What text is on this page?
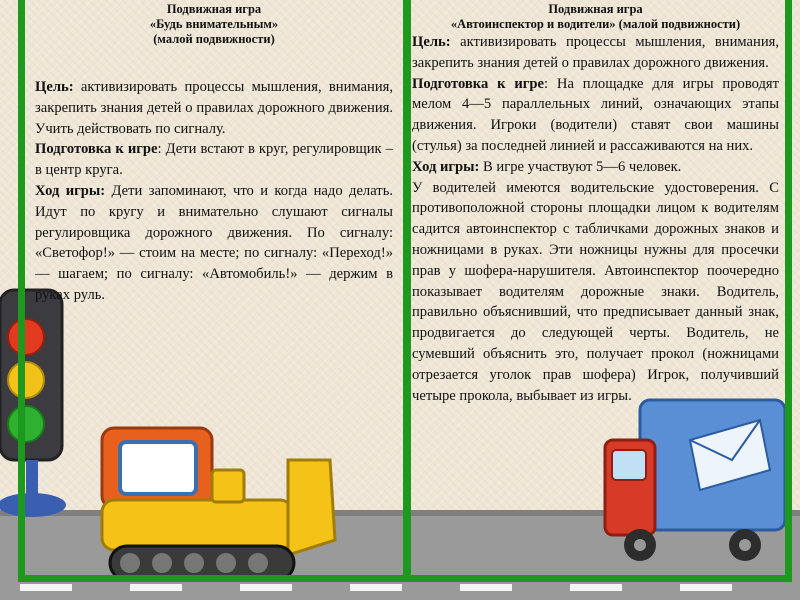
Подвижная игра
«Будь внимательным»
(малой подвижности)

Цель: активизировать процессы мышления, внимания, закрепить знания детей о правилах дорожного движения. Учить действовать по сигналу.

Подготовка к игре: Дети встают в круг, регулировщик – в центр круга.

Ход игры: Дети запоминают, что и когда надо делать. Идут по кругу и внимательно слушают сигналы регулировщика дорожного движения. По сигналу: «Светофор!» — стоим на месте; по сигналу: «Переход!» — шагаем; по сигналу: «Автомобиль!» — держим в руках руль.

Подвижная игра
«Автоинспектор и водители» (малой подвижности)

Цель: активизировать процессы мышления, внимания, закрепить знания детей о правилах дорожного движения.

Подготовка к игре: На площадке для игры проводят мелом 4—5 параллельных линий, означающих этапы движения. Игроки (водители) ставят свои машины (стулья) за последней линией и рассаживаются на них.

Ход игры: В игре участвуют 5—6 человек.

У водителей имеются водительские удостоверения. С противоположной стороны площадки лицом к водителям садится автоинспектор с табличками дорожных знаков и ножницами в руках. Эти ножницы нужны для просечки прав у шофера-нарушителя. Автоинспектор поочередно показывает водителям дорожные знаки. Водитель, правильно объяснивший, что предписывает данный знак, продвигается до следующей черты. Водитель, не сумевший объяснить это, получает прокол (ножницами отрезается уголок прав шофера) Игрок, получивший четыре прокола, выбывает из игры.
